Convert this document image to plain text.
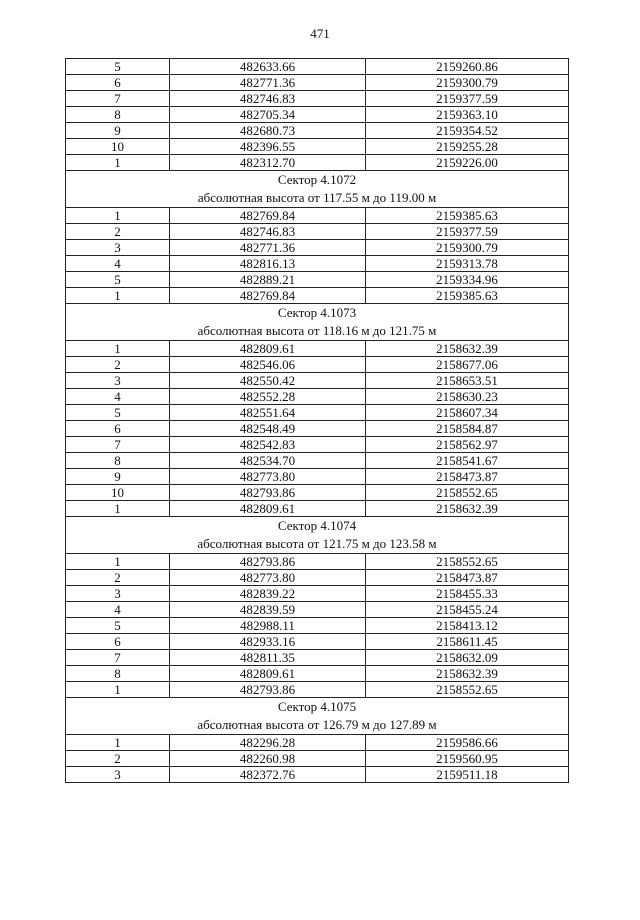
471
5	482633.66	2159260.86
6	482771.36	2159300.79
7	482746.83	2159377.59
8	482705.34	2159363.10
9	482680.73	2159354.52
10	482396.55	2159255.28
1	482312.70	2159226.00

Сектор 4.1072
абсолютная высота от 117.55 м до 119.00 м		

1	482769.84	2159385.63
2	482746.83	2159377.59
3	482771.36	2159300.79
4	482816.13	2159313.78
5	482889.21	2159334.96
1	482769.84	2159385.63

Сектор 4.1073
абсолютная высота от 118.16 м до 121.75 м		

1	482809.61	2158632.39
2	482546.06	2158677.06
3	482550.42	2158653.51
4	482552.28	2158630.23
5	482551.64	2158607.34
6	482548.49	2158584.87
7	482542.83	2158562.97
8	482534.70	2158541.67
9	482773.80	2158473.87
10	482793.86	2158552.65
1	482809.61	2158632.39

Сектор 4.1074
абсолютная высота от 121.75 м до 123.58 м		

1	482793.86	2158552.65
2	482773.80	2158473.87
3	482839.22	2158455.33
4	482839.59	2158455.24
5	482988.11	2158413.12
6	482933.16	2158611.45
7	482811.35	2158632.09
8	482809.61	2158632.39
1	482793.86	2158552.65

Сектор 4.1075
абсолютная высота от 126.79 м до 127.89 м		

1	482296.28	2159586.66
2	482260.98	2159560.95
3	482372.76	2159511.18
